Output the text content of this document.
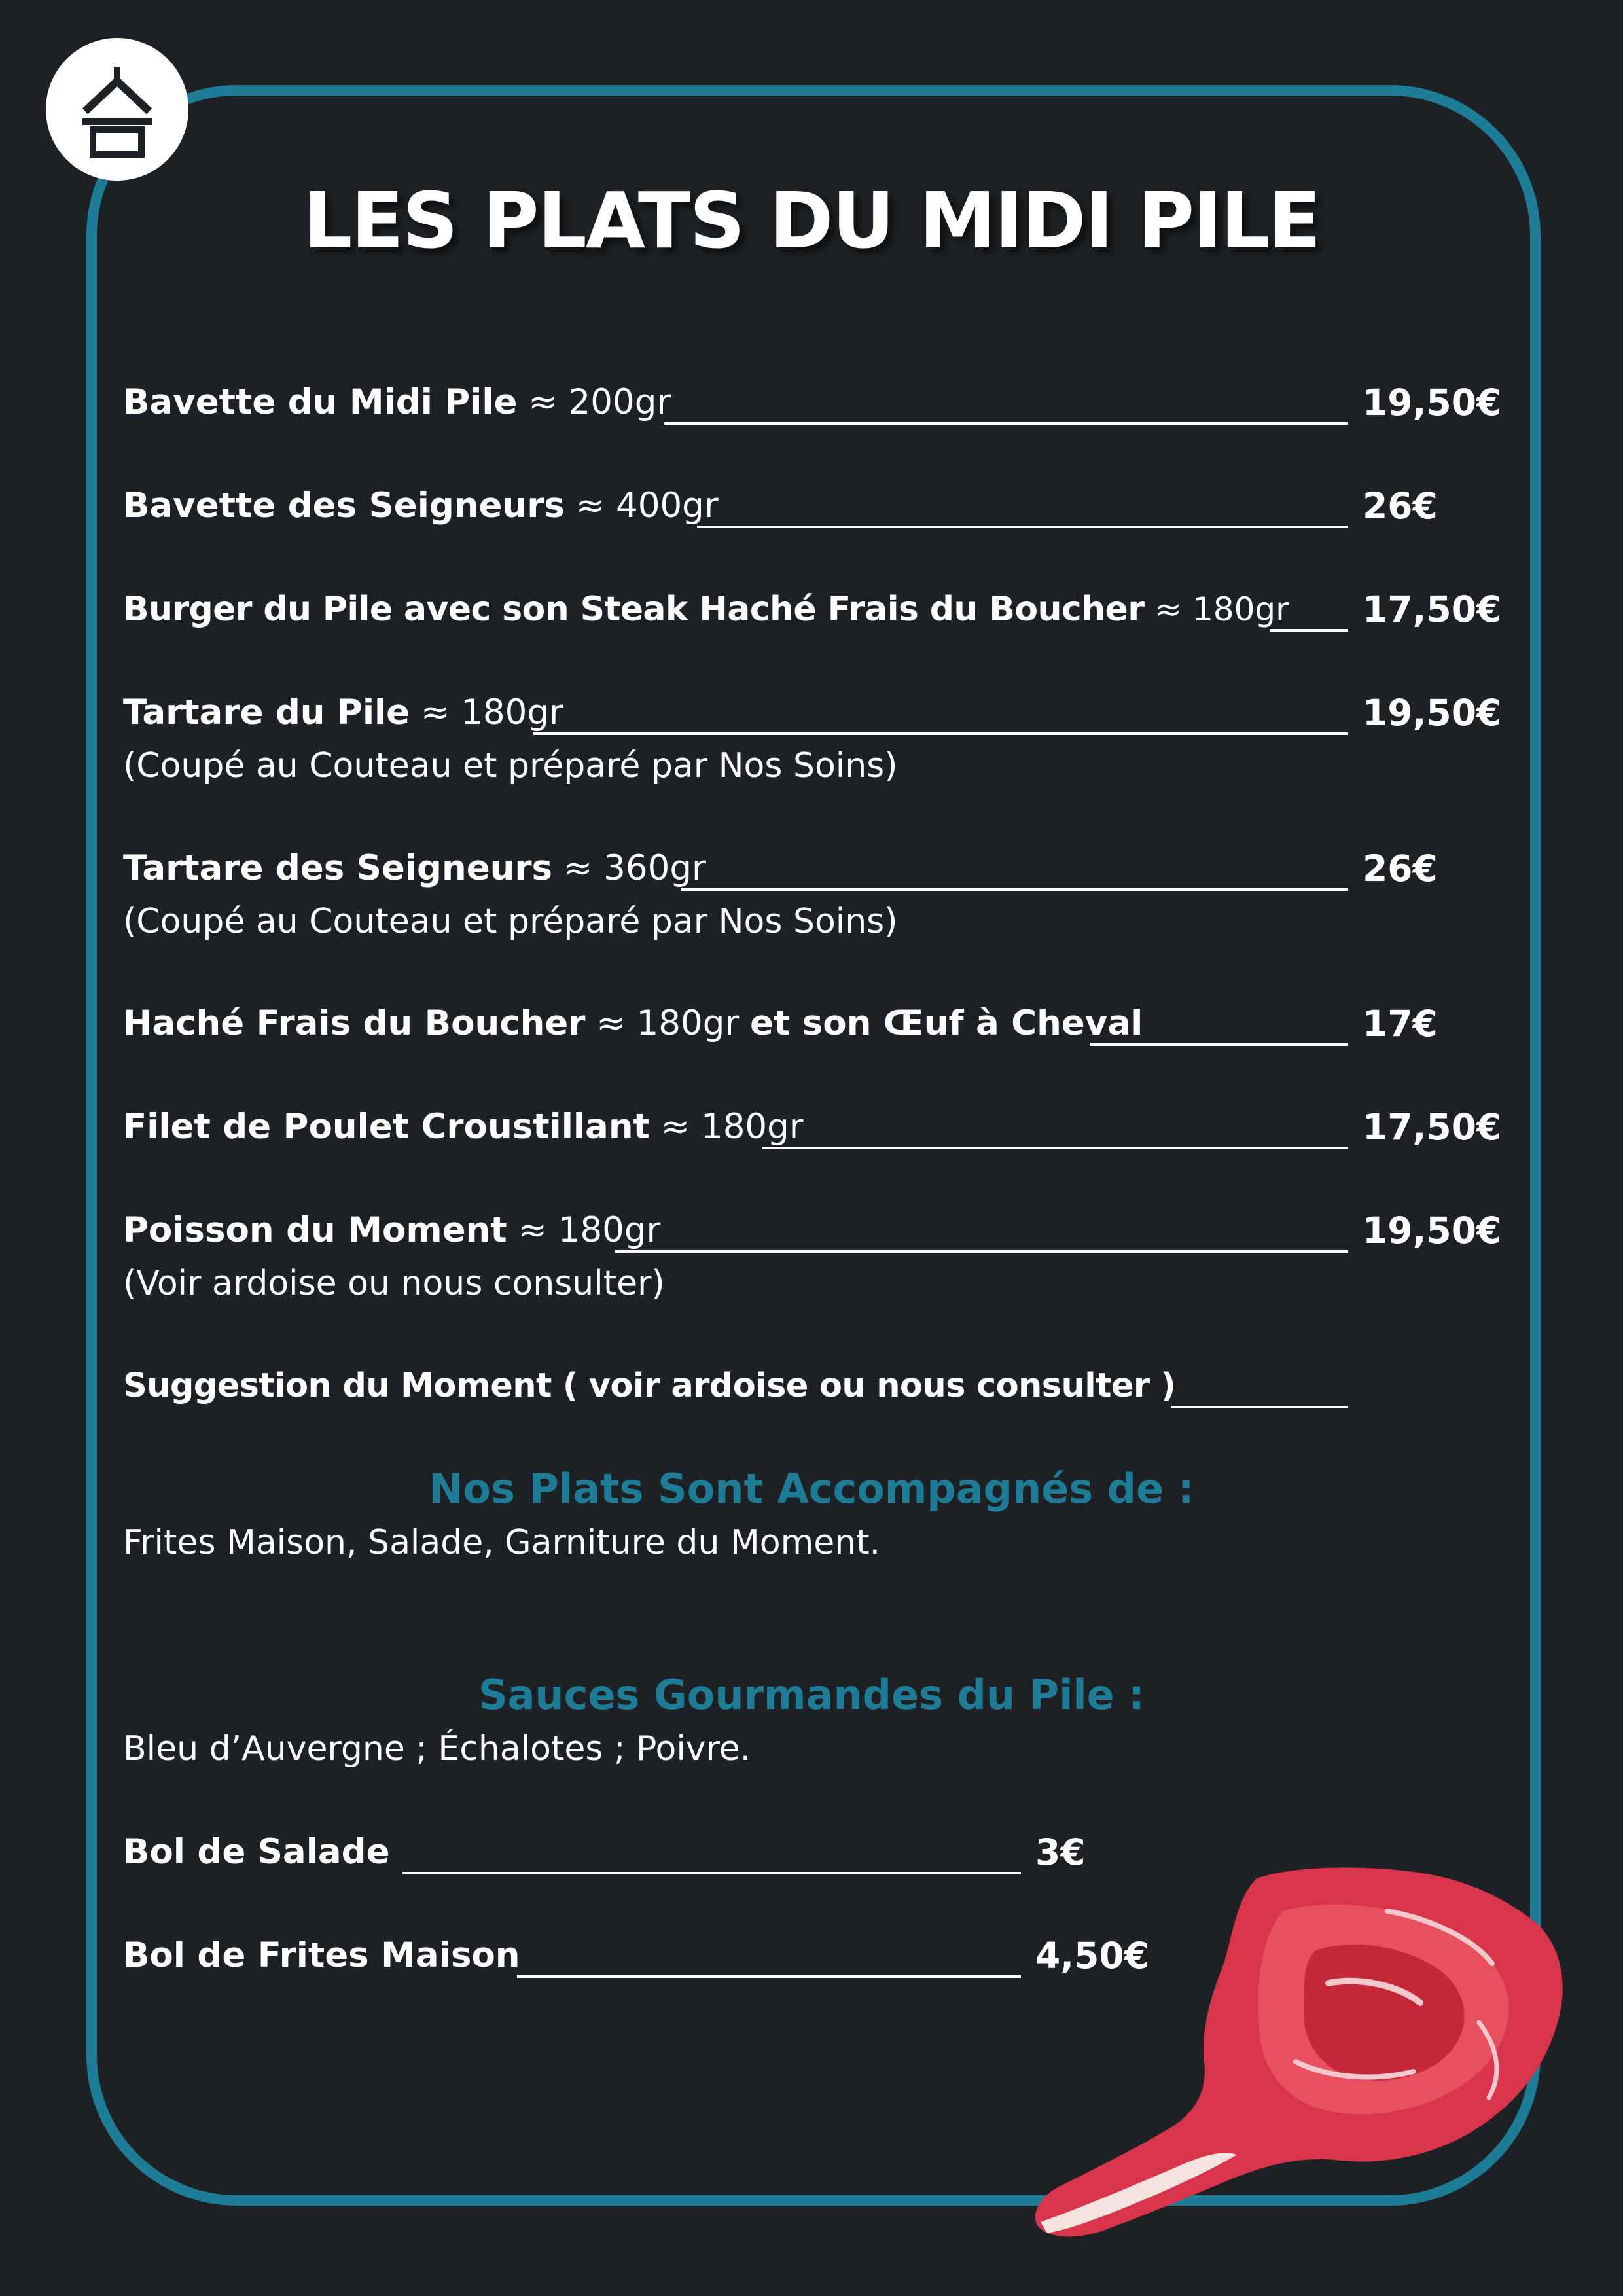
LES PLATS DU MIDI PILE
Bavette du Midi Pile ≈ 200gr	19,50€
Bavette des Seigneurs ≈ 400gr	26€
Burger du Pile avec son Steak Haché Frais du Boucher ≈ 180gr 17,50€
Tartare du Pile ≈ 180gr	19,50€
(Coupé au Couteau et préparé par Nos Soins)
Tartare des Seigneurs ≈ 360gr	26€
(Coupé au Couteau et préparé par Nos Soins)
Haché Frais du Boucher ≈ 180gr et son Œuf à Cheval	17€
Filet de Poulet Croustillant ≈ 180gr	17,50€
Poisson du Moment ≈ 180gr	19,50€
(Voir ardoise ou nous consulter)
Suggestion du Moment ( voir ardoise ou nous consulter )
Nos Plats Sont Accompagnés de :
Frites Maison, Salade, Garniture du Moment.
Sauces Gourmandes du Pile :
Bleu d’Auvergne ; Échalotes ; Poivre.
Bol de Salade	3€
Bol de Frites Maison	4,50€
